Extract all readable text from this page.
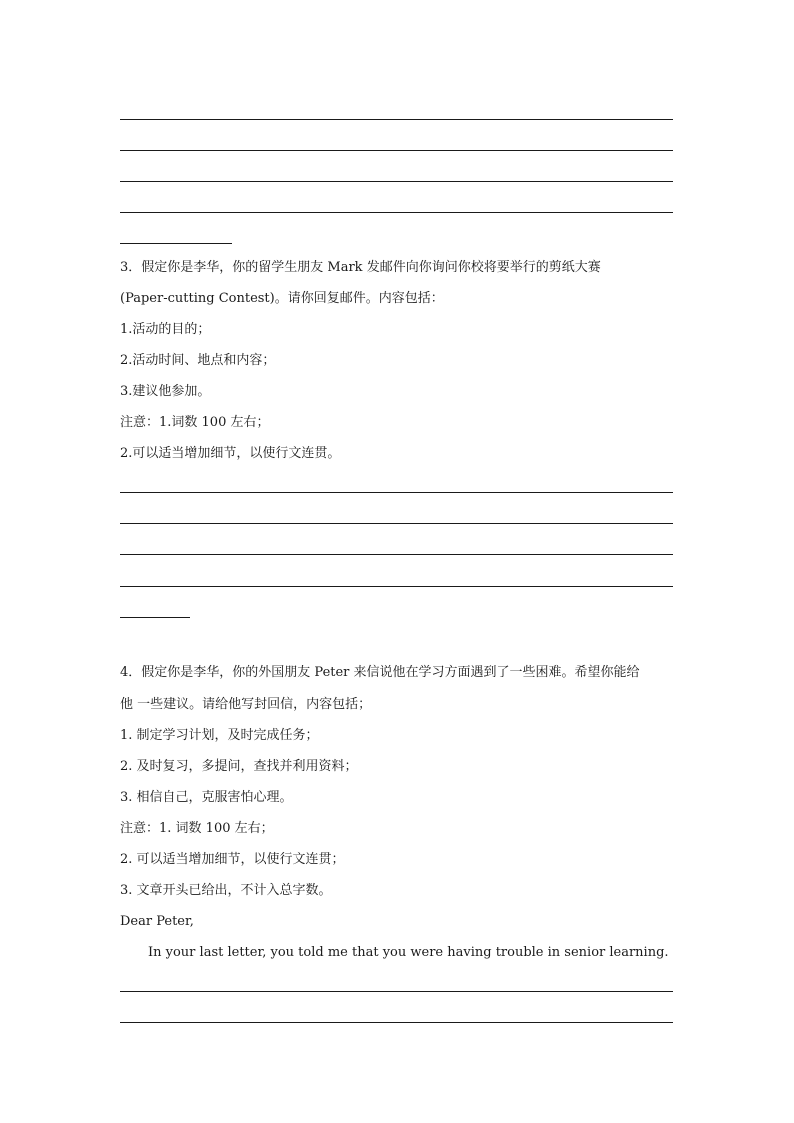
3．假定你是李华，你的留学生朋友 Mark 发邮件向你询问你校将要举行的剪纸大赛
(Paper-cutting Contest)。请你回复邮件。内容包括：
1.活动的目的；
2.活动时间、地点和内容；
3.建议他参加。
注意：1.词数 100 左右；
2.可以适当增加细节，以使行文连贯。
4．假定你是李华，你的外国朋友 Peter 来信说他在学习方面遇到了一些困难。希望你能给
他 一些建议。请给他写封回信，内容包括；
1. 制定学习计划，及时完成任务；
2. 及时复习，多提问，查找并利用资料；
3. 相信自己，克服害怕心理。
注意：1. 词数 100 左右；
2. 可以适当增加细节，以使行文连贯；
3. 文章开头已给出，不计入总字数。
Dear Peter,
In your last letter, you told me that you were having trouble in senior learning.
